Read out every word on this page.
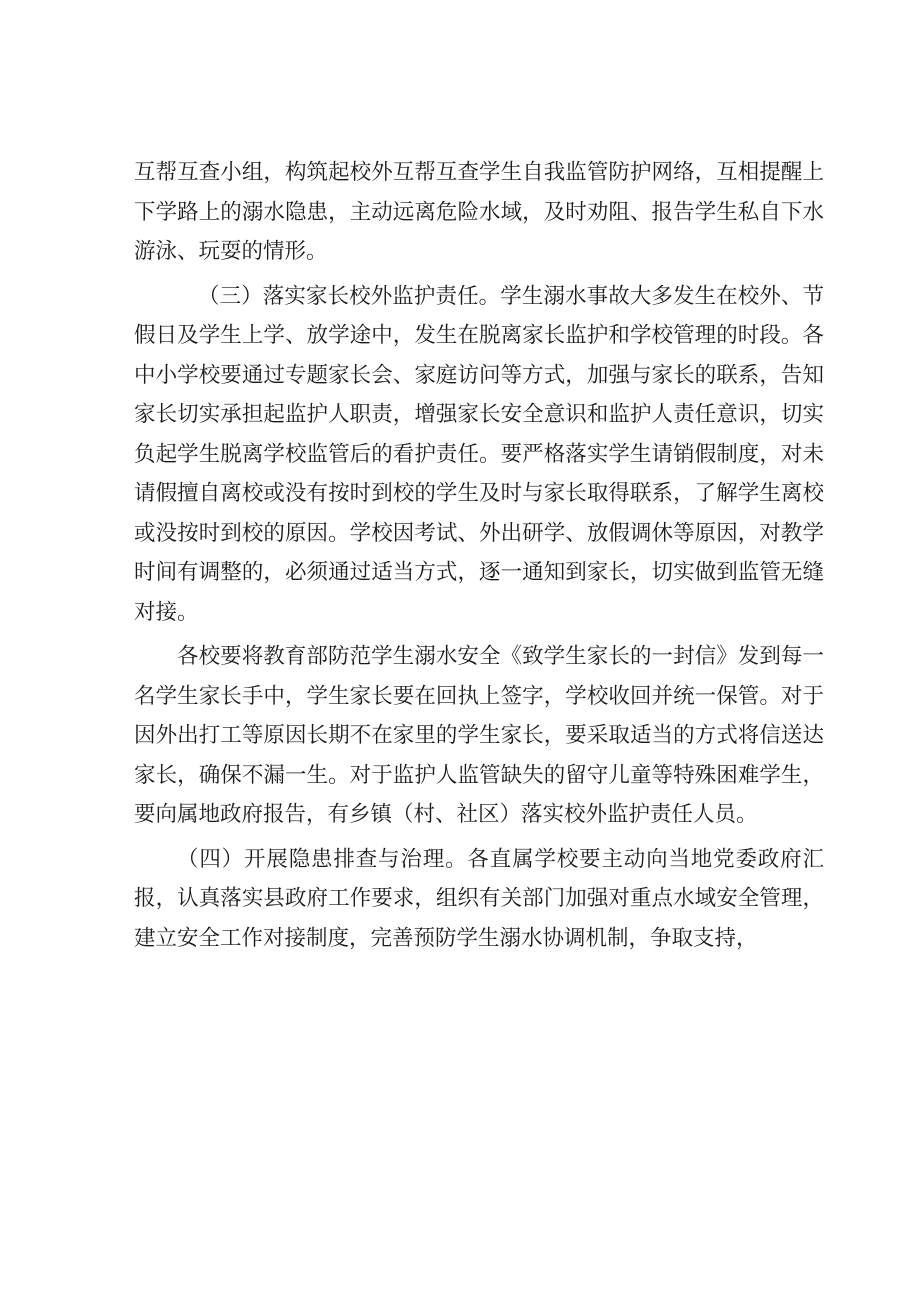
互帮互查小组，构筑起校外互帮互查学生自我监管防护网络，互相提醒上下学路上的溺水隐患，主动远离危险水域，及时劝阻、报告学生私自下水游泳、玩耍的情形。

（三）落实家长校外监护责任。学生溺水事故大多发生在校外、节假日及学生上学、放学途中，发生在脱离家长监护和学校管理的时段。各中小学校要通过专题家长会、家庭访问等方式，加强与家长的联系，告知家长切实承担起监护人职责，增强家长安全意识和监护人责任意识，切实负起学生脱离学校监管后的看护责任。要严格落实学生请销假制度，对未请假擅自离校或没有按时到校的学生及时与家长取得联系，了解学生离校或没按时到校的原因。学校因考试、外出研学、放假调休等原因，对教学时间有调整的，必须通过适当方式，逐一通知到家长，切实做到监管无缝对接。

各校要将教育部防范学生溺水安全《致学生家长的一封信》发到每一名学生家长手中，学生家长要在回执上签字，学校收回并统一保管。对于因外出打工等原因长期不在家里的学生家长，要采取适当的方式将信送达家长，确保不漏一生。对于监护人监管缺失的留守儿童等特殊困难学生，要向属地政府报告，有乡镇（村、社区）落实校外监护责任人员。

（四）开展隐患排查与治理。各直属学校要主动向当地党委政府汇报，认真落实县政府工作要求，组织有关部门加强对重点水域安全管理，建立安全工作对接制度，完善预防学生溺水协调机制，争取支持，
